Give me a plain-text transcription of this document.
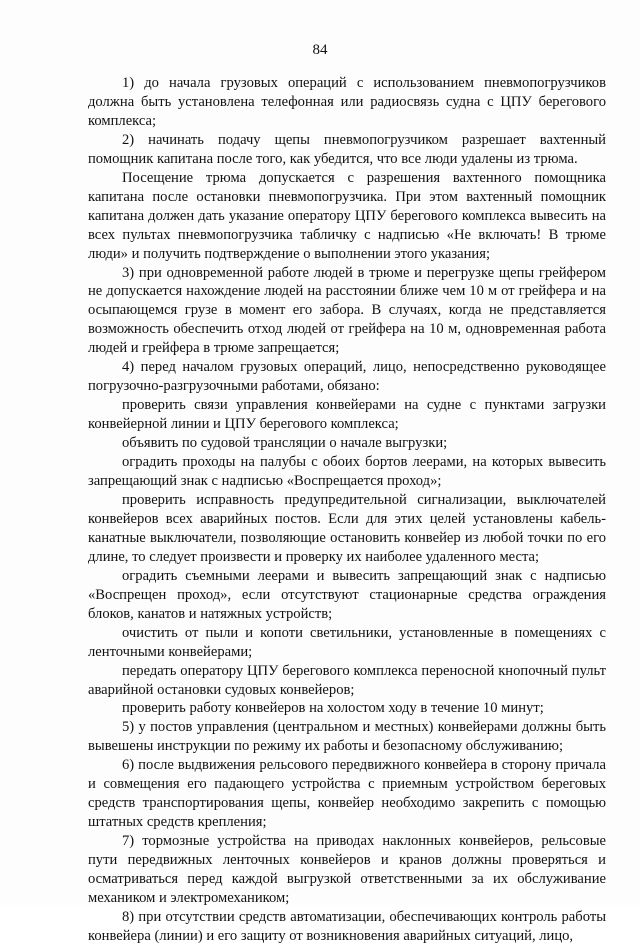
84

1) до начала грузовых операций с использованием пневмопогрузчиков должна быть установлена телефонная или радиосвязь судна с ЦПУ берегового комплекса;

2) начинать подачу щепы пневмопогрузчиком разрешает вахтенный помощник капитана после того, как убедится, что все люди удалены из трюма.

Посещение трюма допускается с разрешения вахтенного помощника капитана после остановки пневмопогрузчика. При этом вахтенный помощник капитана должен дать указание оператору ЦПУ берегового комплекса вывесить на всех пультах пневмопогрузчика табличку с надписью «Не включать! В трюме люди» и получить подтверждение о выполнении этого указания;

3) при одновременной работе людей в трюме и перегрузке щепы грейфером не допускается нахождение людей на расстоянии ближе чем 10 м от грейфера и на осыпающемся грузе в момент его забора. В случаях, когда не представляется возможность обеспечить отход людей от грейфера на 10 м, одновременная работа людей и грейфера в трюме запрещается;

4) перед началом грузовых операций, лицо, непосредственно руководящее погрузочно-разгрузочными работами, обязано:

проверить связи управления конвейерами на судне с пунктами загрузки конвейерной линии и ЦПУ берегового комплекса;

объявить по судовой трансляции о начале выгрузки;

оградить проходы на палубы с обоих бортов леерами, на которых вывесить запрещающий знак с надписью «Воспрещается проход»;

проверить исправность предупредительной сигнализации, выключателей конвейеров всех аварийных постов. Если для этих целей установлены кабель-канатные выключатели, позволяющие остановить конвейер из любой точки по его длине, то следует произвести и проверку их наиболее удаленного места;

оградить съемными леерами и вывесить запрещающий знак с надписью «Воспрещен проход», если отсутствуют стационарные средства ограждения блоков, канатов и натяжных устройств;

очистить от пыли и копоти светильники, установленные в помещениях с ленточными конвейерами;

передать оператору ЦПУ берегового комплекса переносной кнопочный пульт аварийной остановки судовых конвейеров;

проверить работу конвейеров на холостом ходу в течение 10 минут;

5) у постов управления (центральном и местных) конвейерами должны быть вывешены инструкции по режиму их работы и безопасному обслуживанию;

6) после выдвижения рельсового передвижного конвейера в сторону причала и совмещения его падающего устройства с приемным устройством береговых средств транспортирования щепы, конвейер необходимо закрепить с помощью штатных средств крепления;

7) тормозные устройства на приводах наклонных конвейеров, рельсовые пути передвижных ленточных конвейеров и кранов должны проверяться и осматриваться перед каждой выгрузкой ответственными за их обслуживание механиком и электромехаником;

8) при отсутствии средств автоматизации, обеспечивающих контроль работы конвейера (линии) и его защиту от возникновения аварийных ситуаций, лицо,
